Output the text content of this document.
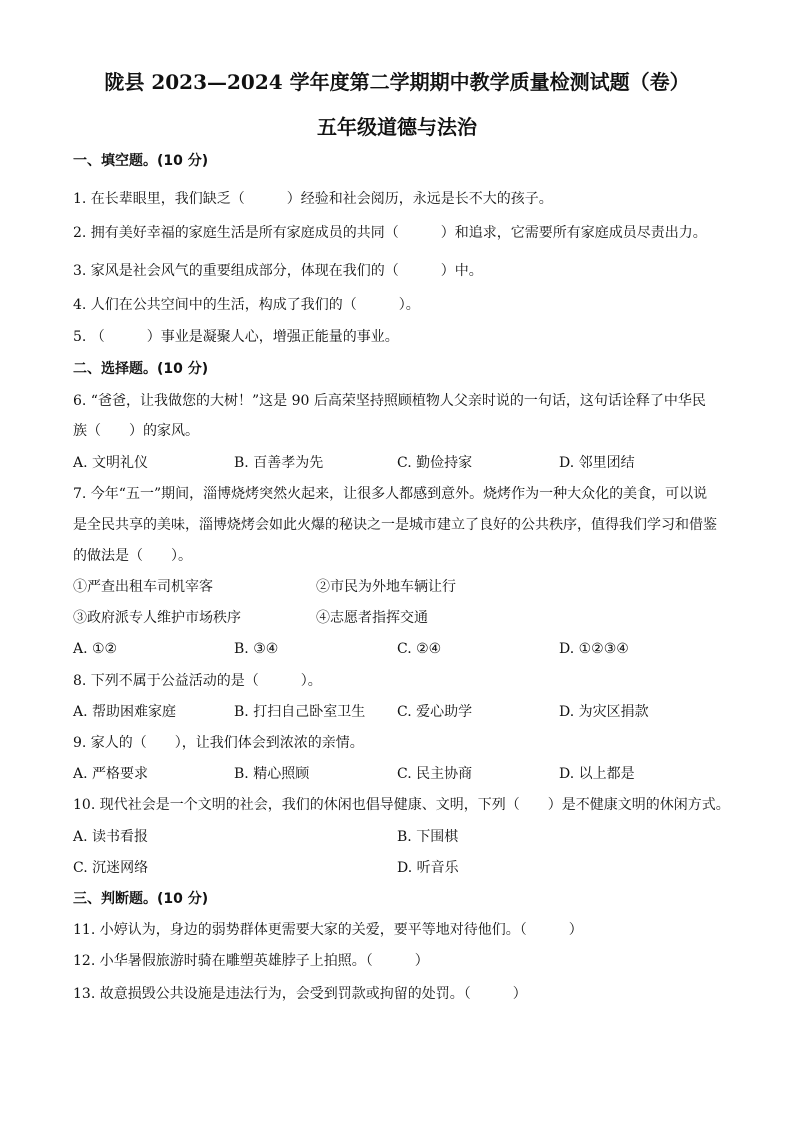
陇县 2023—2024 学年度第二学期期中教学质量检测试题（卷）
五年级道德与法治
一、填空题。(10 分)
1. 在长辈眼里，我们缺乏（　　　）经验和社会阅历，永远是长不大的孩子。
2. 拥有美好幸福的家庭生活是所有家庭成员的共同（　　　）和追求，它需要所有家庭成员尽责出力。
3. 家风是社会风气的重要组成部分，体现在我们的（　　　）中。
4. 人们在公共空间中的生活，构成了我们的（　　　）。
5. （　　　）事业是凝聚人心，增强正能量的事业。
二、选择题。(10 分)
6. “爸爸，让我做您的大树！”这是 90 后高荣坚持照顾植物人父亲时说的一句话，这句话诠释了中华民
族（　　）的家风。
A. 文明礼仪	B. 百善孝为先	C. 勤俭持家	D. 邻里团结
7. 今年“五一”期间，淄博烧烤突然火起来，让很多人都感到意外。烧烤作为一种大众化的美食，可以说
是全民共享的美味，淄博烧烤会如此火爆的秘诀之一是城市建立了良好的公共秩序，值得我们学习和借鉴
的做法是（　　）。
①严查出租车司机宰客	②市民为外地车辆让行
③政府派专人维护市场秩序	④志愿者指挥交通
A. ①②	B. ③④	C. ②④	D. ①②③④
8. 下列不属于公益活动的是（　　　）。
A. 帮助困难家庭	B. 打扫自己卧室卫生 C. 爱心助学	D. 为灾区捐款
9. 家人的（　　），让我们体会到浓浓的亲情。
A. 严格要求	B. 精心照顾	C. 民主协商	D. 以上都是
10. 现代社会是一个文明的社会，我们的休闲也倡导健康、文明，下列（　　）是不健康文明的休闲方式。
A. 读书看报	B. 下围棋
C. 沉迷网络	D. 听音乐
三、判断题。(10 分)
11. 小婷认为，身边的弱势群体更需要大家的关爱，要平等地对待他们。（　　　）
12. 小华暑假旅游时骑在雕塑英雄脖子上拍照。（　　　）
13. 故意损毁公共设施是违法行为，会受到罚款或拘留的处罚。（　　　）
